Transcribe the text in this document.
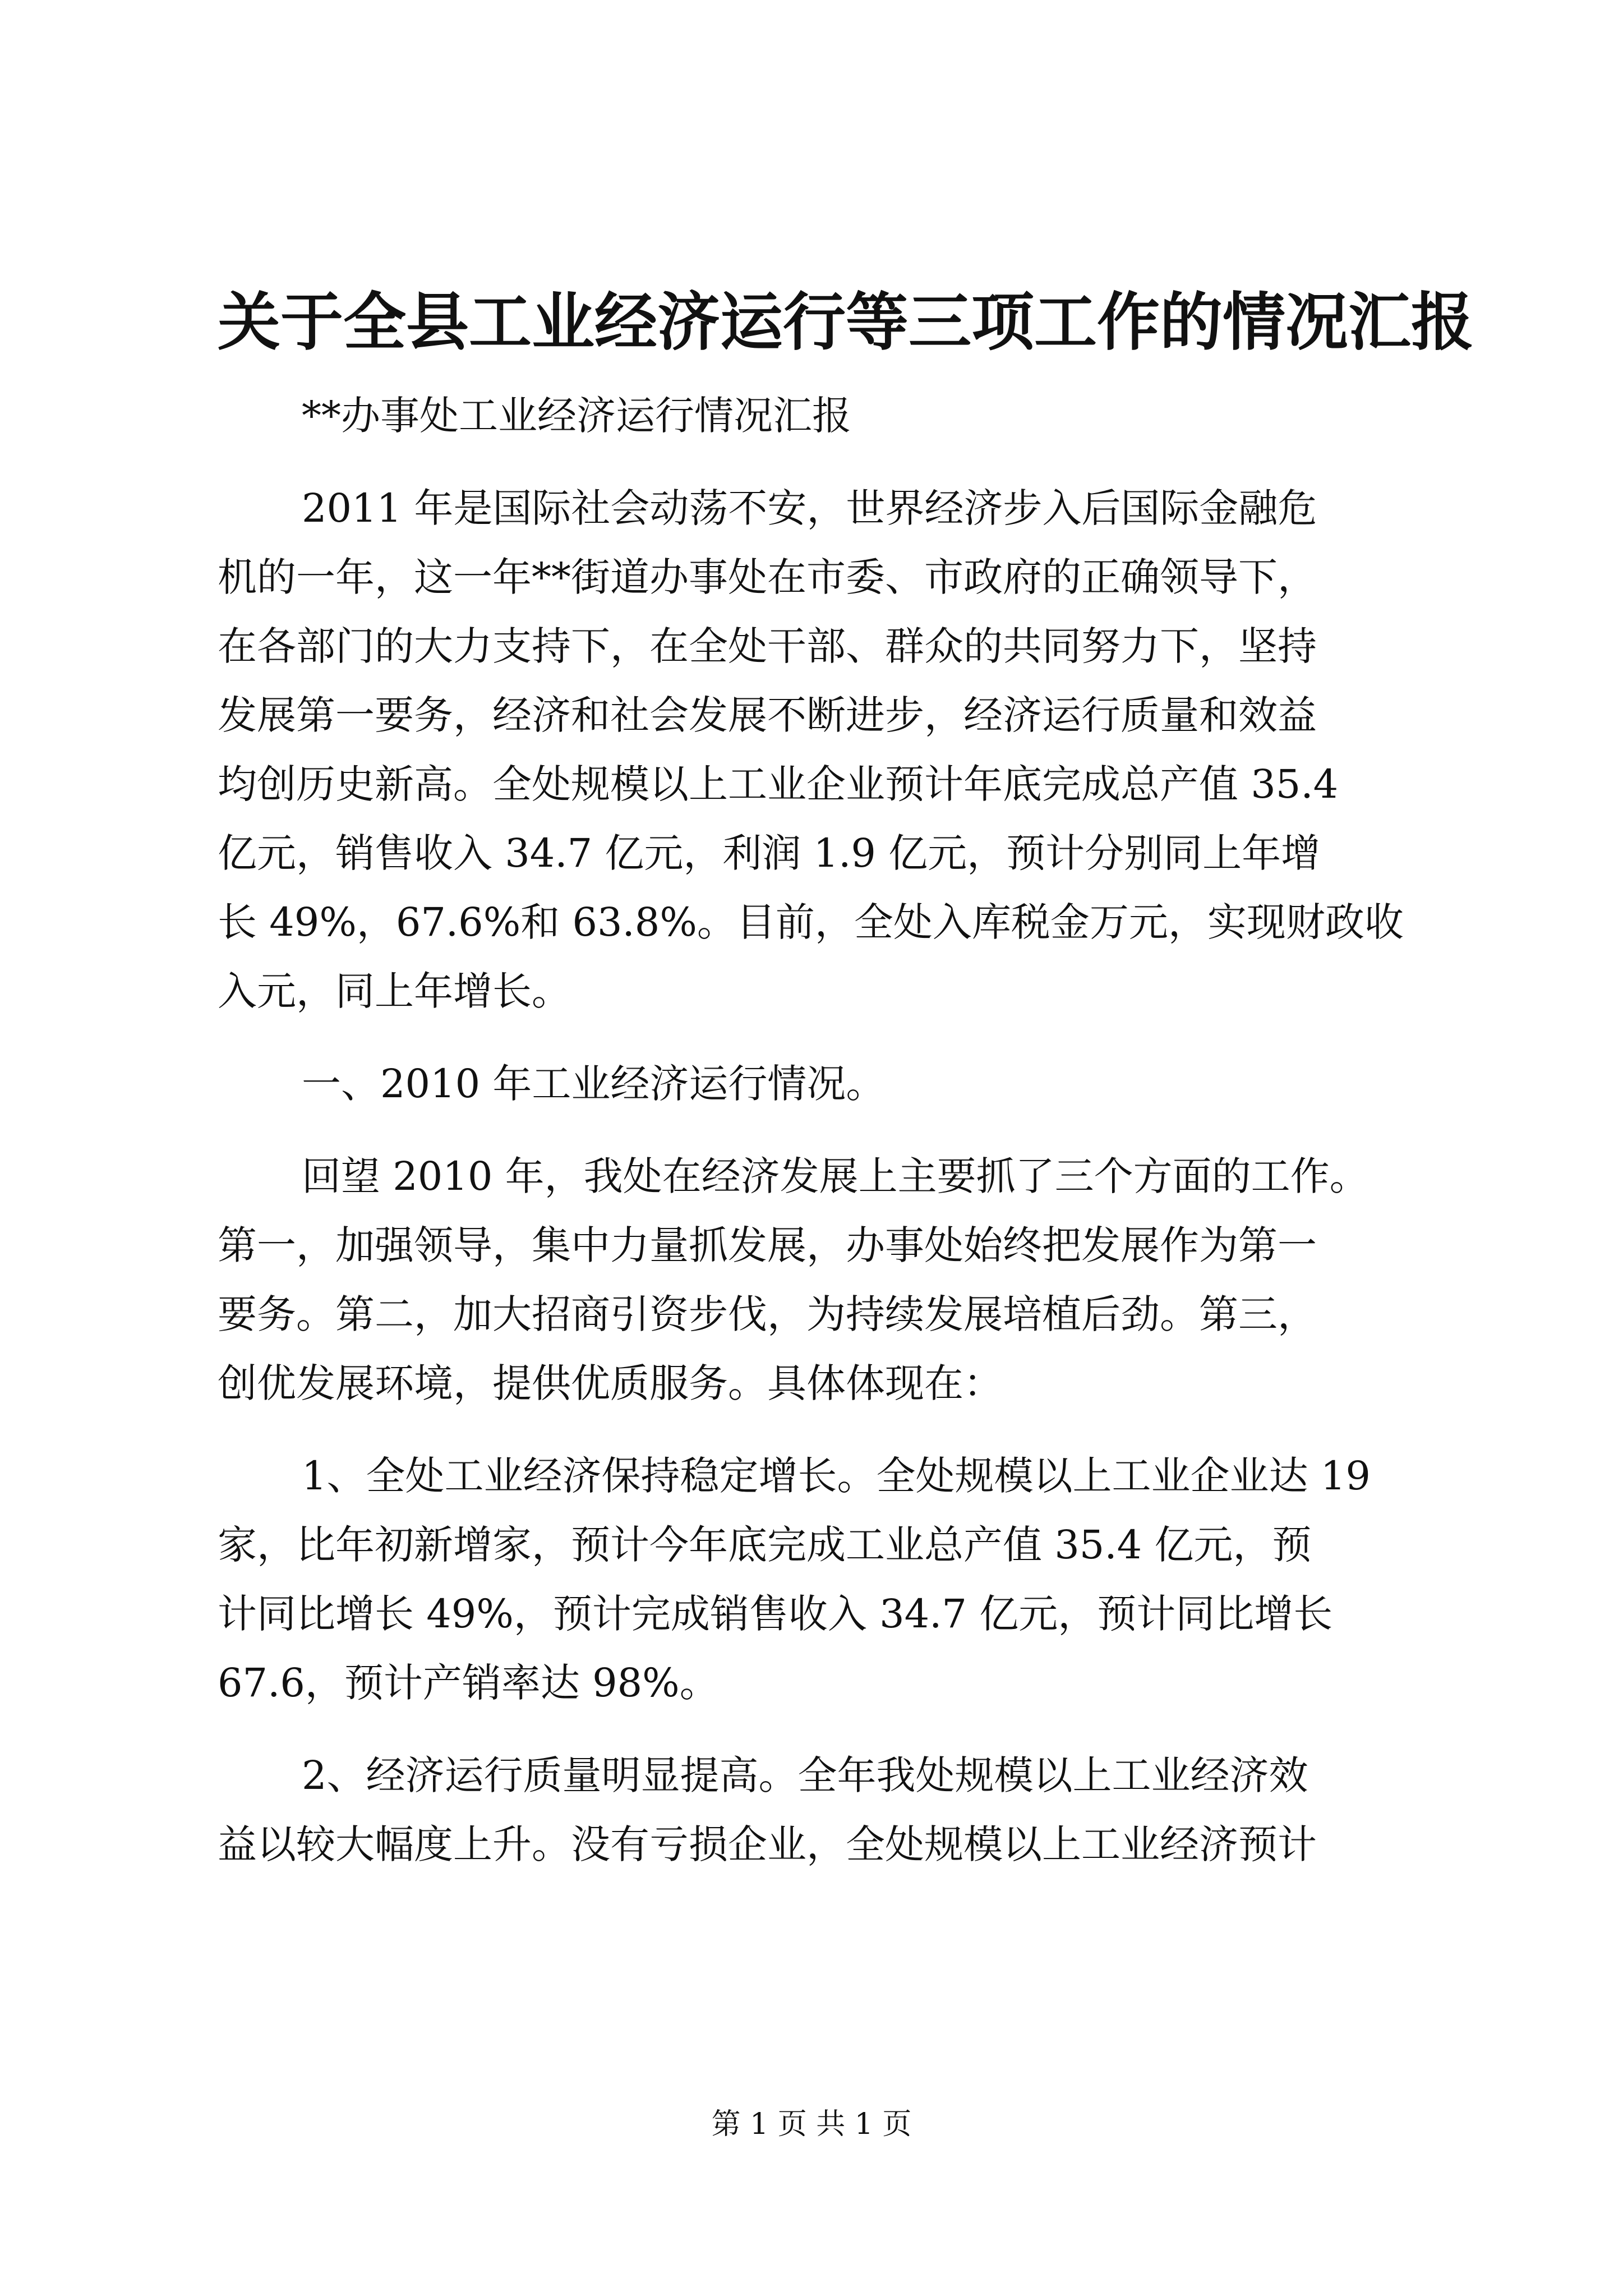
关于全县工业经济运行等三项工作的情况汇报
**办事处工业经济运行情况汇报
2011 年是国际社会动荡不安，世界经济步入后国际金融危
机的一年，这一年**街道办事处在市委、市政府的正确领导下，
在各部门的大力支持下，在全处干部、群众的共同努力下，坚持
发展第一要务，经济和社会发展不断进步，经济运行质量和效益
均创历史新高。全处规模以上工业企业预计年底完成总产值 35.4
亿元，销售收入 34.7 亿元，利润 1.9 亿元，预计分别同上年增
长 49%，67.6%和 63.8%。目前，全处入库税金万元，实现财政收
入元，同上年增长。
一、2010 年工业经济运行情况。
回望 2010 年，我处在经济发展上主要抓了三个方面的工作。
第一，加强领导，集中力量抓发展，办事处始终把发展作为第一
要务。第二，加大招商引资步伐，为持续发展培植后劲。第三，
创优发展环境，提供优质服务。具体体现在：
1、全处工业经济保持稳定增长。全处规模以上工业企业达 19
家，比年初新增家，预计今年底完成工业总产值 35.4 亿元，预
计同比增长 49%，预计完成销售收入 34.7 亿元，预计同比增长
67.6，预计产销率达 98%。
2、经济运行质量明显提高。全年我处规模以上工业经济效
益以较大幅度上升。没有亏损企业，全处规模以上工业经济预计
第 1 页 共 1 页
